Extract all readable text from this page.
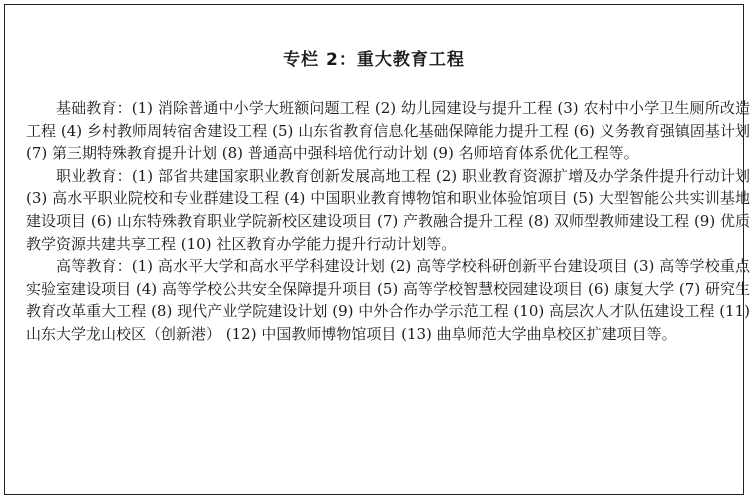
专栏 2：重大教育工程

基础教育：(1) 消除普通中小学大班额问题工程 (2) 幼儿园建设与提升工程 (3) 农村中小学卫生厕所改造工程 (4) 乡村教师周转宿舍建设工程 (5) 山东省教育信息化基础保障能力提升工程 (6) 义务教育强镇固基计划 (7) 第三期特殊教育提升计划 (8) 普通高中强科培优行动计划 (9) 名师培育体系优化工程等。

职业教育：(1) 部省共建国家职业教育创新发展高地工程 (2) 职业教育资源扩增及办学条件提升行动计划 (3) 高水平职业院校和专业群建设工程 (4) 中国职业教育博物馆和职业体验馆项目 (5) 大型智能公共实训基地建设项目 (6) 山东特殊教育职业学院新校区建设项目 (7) 产教融合提升工程 (8) 双师型教师建设工程 (9) 优质教学资源共建共享工程 (10) 社区教育办学能力提升行动计划等。

高等教育：(1) 高水平大学和高水平学科建设计划 (2) 高等学校科研创新平台建设项目 (3) 高等学校重点实验室建设项目 (4) 高等学校公共安全保障提升项目 (5) 高等学校智慧校园建设项目 (6) 康复大学 (7) 研究生教育改革重大工程 (8) 现代产业学院建设计划 (9) 中外合作办学示范工程 (10) 高层次人才队伍建设工程 (11) 山东大学龙山校区（创新港） (12) 中国教师博物馆项目 (13) 曲阜师范大学曲阜校区扩建项目等。
